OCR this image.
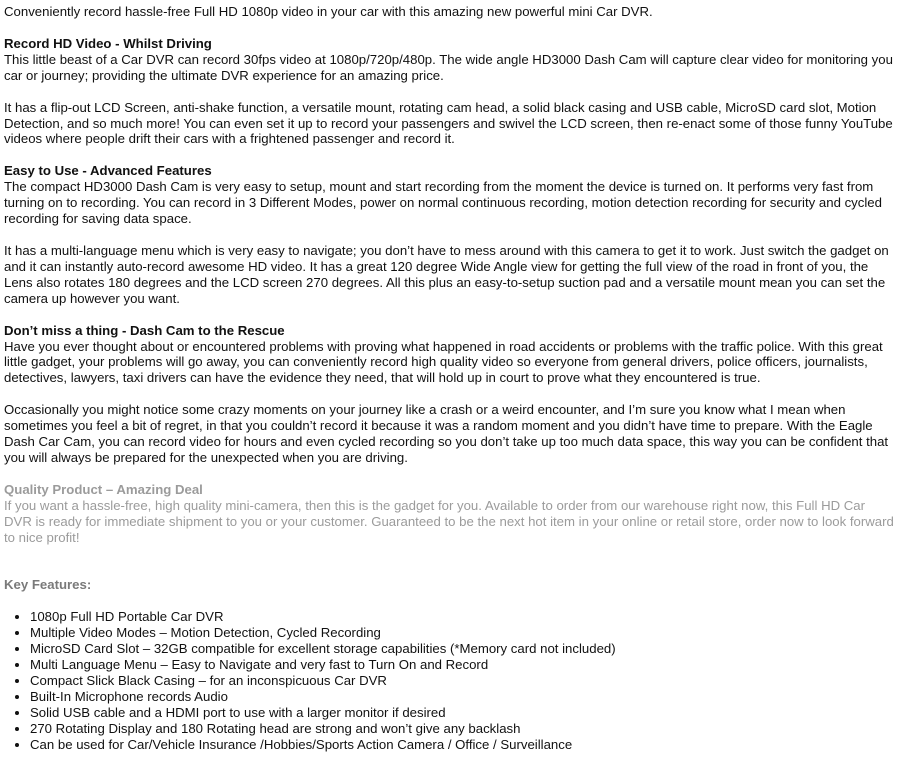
Conveniently record hassle-free Full HD 1080p video in your car with this amazing new powerful mini Car DVR.

Record HD Video - Whilst Driving

This little beast of a Car DVR can record 30fps video at 1080p/720p/480p. The wide angle HD3000 Dash Cam will capture clear video for monitoring you car or journey; providing the ultimate DVR experience for an amazing price.

It has a flip-out LCD Screen, anti-shake function, a versatile mount, rotating cam head, a solid black casing and USB cable, MicroSD card slot, Motion Detection, and so much more! You can even set it up to record your passengers and swivel the LCD screen, then re-enact some of those funny YouTube videos where people drift their cars with a frightened passenger and record it.

Easy to Use - Advanced Features

The compact HD3000 Dash Cam is very easy to setup, mount and start recording from the moment the device is turned on. It performs very fast from turning on to recording. You can record in 3 Different Modes, power on normal continuous recording, motion detection recording for security and cycled recording for saving data space.

It has a multi-language menu which is very easy to navigate; you don’t have to mess around with this camera to get it to work. Just switch the gadget on and it can instantly auto-record awesome HD video. It has a great 120 degree Wide Angle view for getting the full view of the road in front of you, the Lens also rotates 180 degrees and the LCD screen 270 degrees. All this plus an easy-to-setup suction pad and a versatile mount mean you can set the camera up however you want.

Don’t miss a thing - Dash Cam to the Rescue

Have you ever thought about or encountered problems with proving what happened in road accidents or problems with the traffic police. With this great little gadget, your problems will go away, you can conveniently record high quality video so everyone from general drivers, police officers, journalists, detectives, lawyers, taxi drivers can have the evidence they need, that will hold up in court to prove what they encountered is true.

Occasionally you might notice some crazy moments on your journey like a crash or a weird encounter, and I’m sure you know what I mean when sometimes you feel a bit of regret, in that you couldn’t record it because it was a random moment and you didn’t have time to prepare. With the Eagle Dash Car Cam, you can record video for hours and even cycled recording so you don’t take up too much data space, this way you can be confident that you will always be prepared for the unexpected when you are driving.

Quality Product – Amazing Deal

If you want a hassle-free, high quality mini-camera, then this is the gadget for you. Available to order from our warehouse right now, this Full HD Car DVR is ready for immediate shipment to you or your customer. Guaranteed to be the next hot item in your online or retail store, order now to look forward to nice profit!

Key Features:
• 1080p Full HD Portable Car DVR
• Multiple Video Modes – Motion Detection, Cycled Recording
• MicroSD Card Slot – 32GB compatible for excellent storage capabilities (*Memory card not included)
• Multi Language Menu – Easy to Navigate and very fast to Turn On and Record
• Compact Slick Black Casing – for an inconspicuous Car DVR
• Built-In Microphone records Audio
• Solid USB cable and a HDMI port to use with a larger monitor if desired
• 270 Rotating Display and 180 Rotating head are strong and won’t give any backlash
• Can be used for Car/Vehicle Insurance /Hobbies/Sports Action Camera / Office / Surveillance
